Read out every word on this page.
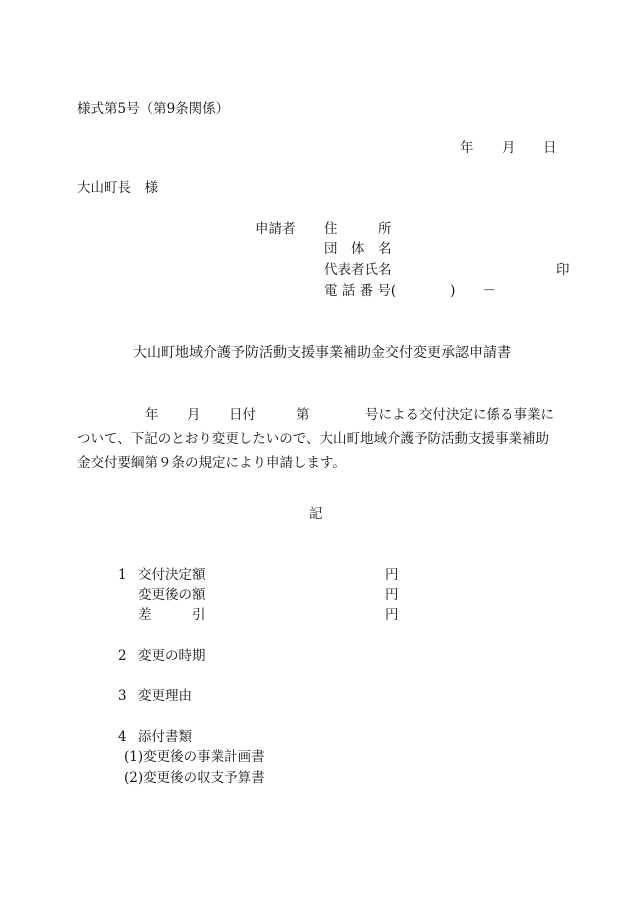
様式第5号（第9条関係）
年 月 日
大山町長　様
申請者 住　　　所
団　体　名
代表者氏名	印
電 話 番 号(　　　　)　　－
大山町地域介護予防活動支援事業補助金交付変更承認申請書
年 月 日付	第	号による交付決定に係る事業に
ついて、下記のとおり変更したいので、大山町地域介護予防活動支援事業補助
金交付要綱第９条の規定により申請します。
記
1 交付決定額	円
変更後の額	円
差　　　引	円
2 変更の時期
3 変更理由
4 添付書類
(1)変更後の事業計画書
(2)変更後の収支予算書
